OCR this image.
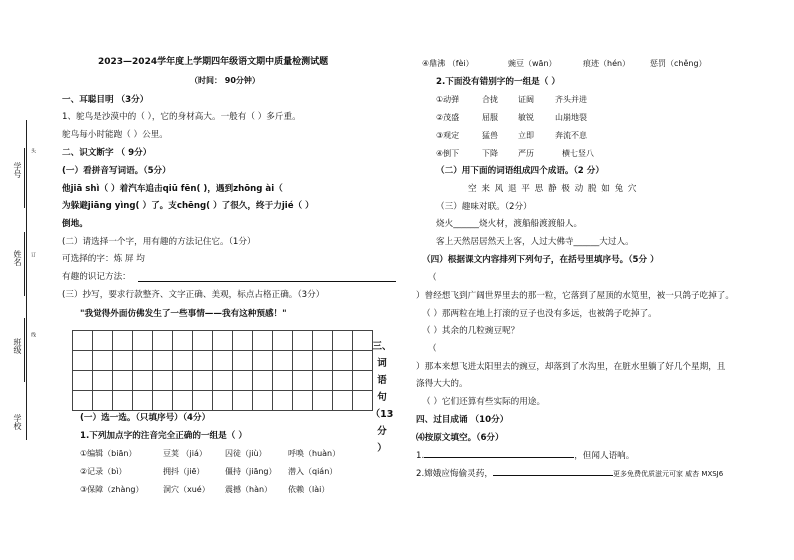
学号
姓名
班级
学校
头
订
线
2023—2024学年度上学期四年级语文期中质量检测试题
（时间： 90分钟）
一、耳聪目明 （3分）
1、鸵鸟是沙漠中的（ ），它的身材高大。一般有（ ）多斤重。
鸵鸟每小时能跑（ ）公里。
二、识文断字 （ 9分）
(一）看拼音写词语。（5分）
他jiā shì（ ）着汽车追击qiū fēn( )，遇到zhōng ài（
为躲避jiāng yìng( ）了。支chēng( ）了很久，终于力jié（ ）
倒地。
(二）请选择一个字，用有趣的方法记住它。（1分）
可选择的字：炼 屏 均
有趣的识记方法：
(三）抄写，要求行款整齐、文字正确、美观，标点占格正确。（3分）
"我觉得外面仿佛发生了一些事情——我有这种预感！"

三、
词
语
句
（13
分
）
(一）选一选。（只填序号）（4分）
1.下列加点字的注音完全正确的一组是（ ）
①编辑（biān）	豆荚 （jiá） 囚徒（jiù）	呼唤（huàn）
②记录（bì）	拥抖（jiē）	僵持（jiāng） 潜入（qián）
③保障（zhàng） 洞穴（xué） 震撼（hàn） 依赖（lài）
④鼎沸 （fèi）	豌豆（wān）	痕迹（hén） 惩罚（chěng）
2.下面没有错别字的一组是（ ）
①动弹	合拢	证阔	齐头并进
②茂盛	屈服	敏锐	山崩地裂
③观定	猛兽	立即	奔流不息
④倒下	下降	严历	横七竖八
（二）用下面的词语组成四个成语。（2 分）
空 来 风 退 平 思 静 极 动 脱 如 兔 穴
（三）趣味对联。（2分）
烧火______烧火材，渡船船渡渡船人。
客上天然居居然天上客，人过大佛寺______大过人。
（四）根据课文内容排列下列句子，在括号里填序号。（5分 ）
（
）曾经想飞到广阔世界里去的那一粒，它落到了屋顶的水笕里，被一只鸽子吃掉了。
（ ）那两粒在地上打滚的豆子也没有多远，也被鸽子吃掉了。
（ ）其余的几粒豌豆呢？
（
）那本来想飞进太阳里去的豌豆，却落到了水沟里，在脏水里躺了好几个星期，且
涤得大大的。
（ ）它们还算有些实际的用途。
四、过目成诵 （10分）
⑷按原文填空。（6分）
1.	，但闻人语响。
2.嫦娥应悔偷灵药，	更多免费优质滋元可家 威杏 MXSJ6
